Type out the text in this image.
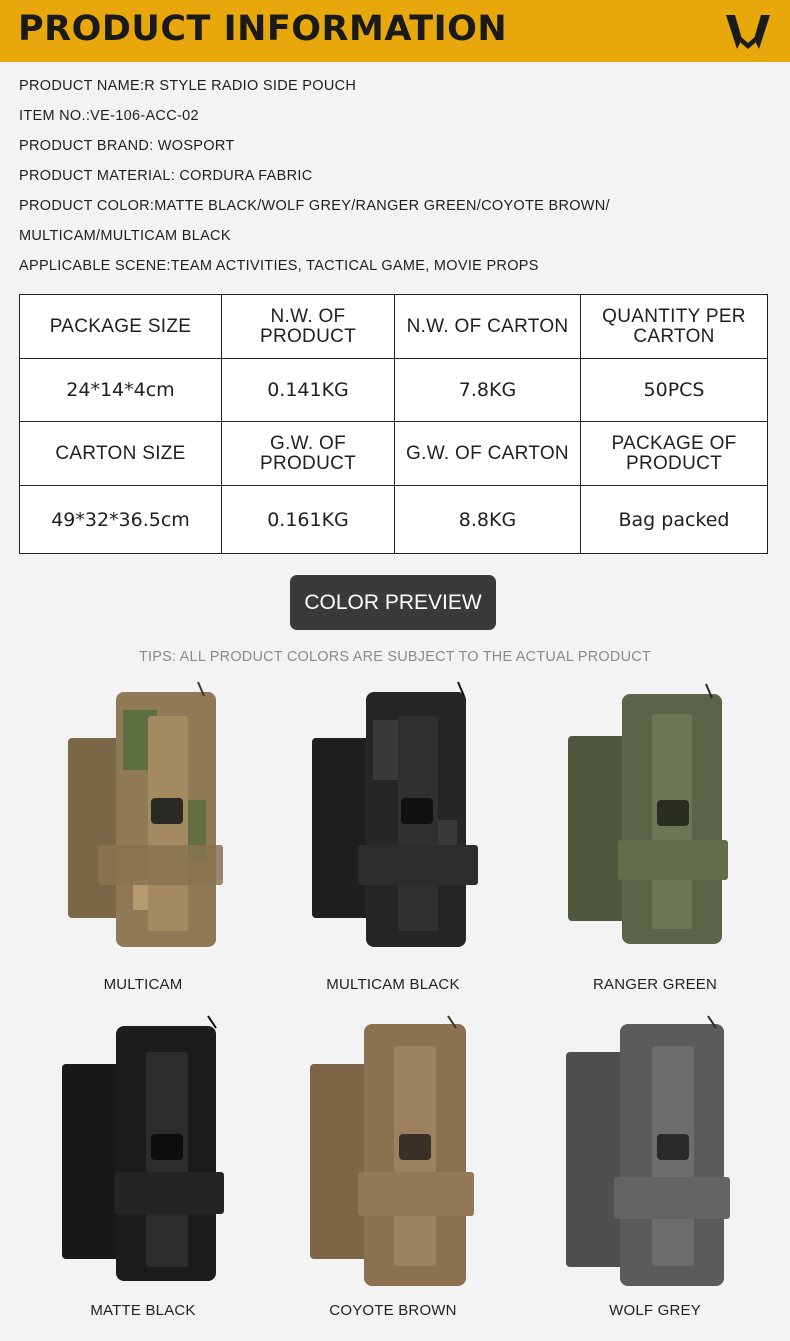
PRODUCT INFORMATION
PRODUCT NAME:R STYLE RADIO SIDE POUCH
ITEM NO.:VE-106-ACC-02
PRODUCT BRAND: WOSPORT
PRODUCT MATERIAL: CORDURA FABRIC
PRODUCT COLOR:MATTE BLACK/WOLF GREY/RANGER GREEN/COYOTE BROWN/
MULTICAM/MULTICAM BLACK
APPLICABLE SCENE:TEAM ACTIVITIES, TACTICAL GAME, MOVIE PROPS
PACKAGE SIZE	N.W. OF PRODUCT	N.W. OF CARTON	QUANTITY PER CARTON
24*14*4cm	0.141KG	7.8KG	50PCS
CARTON SIZE	G.W. OF PRODUCT	G.W. OF CARTON	PACKAGE OF PRODUCT
49*32*36.5cm	0.161KG	8.8KG	Bag packed
COLOR PREVIEW
TIPS: ALL PRODUCT COLORS ARE SUBJECT TO THE ACTUAL PRODUCT
MULTICAM	MULTICAM BLACK	RANGER GREEN
MATTE BLACK	COYOTE BROWN	WOLF GREY
